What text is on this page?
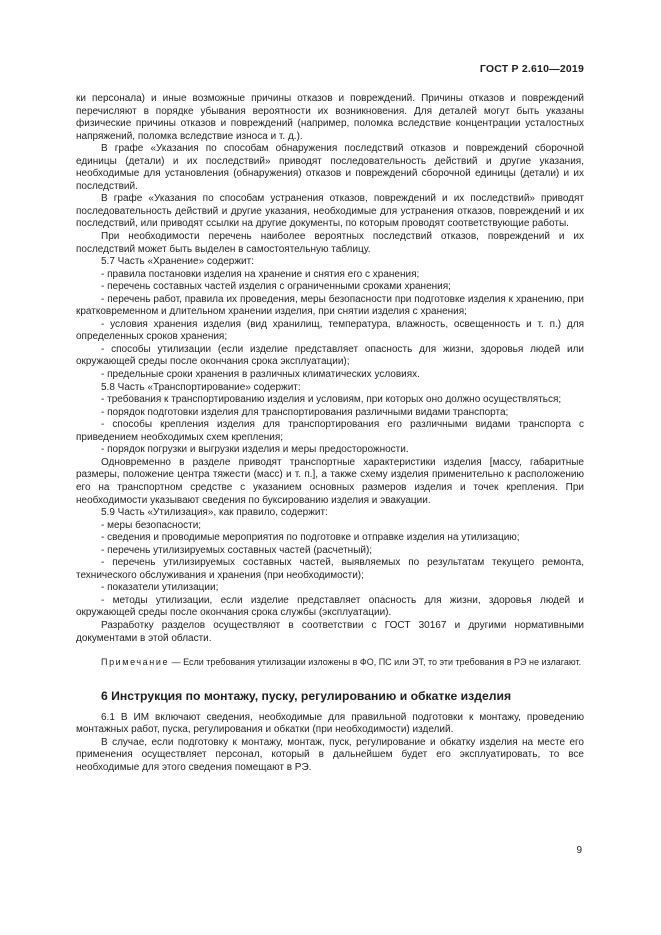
ГОСТ Р 2.610—2019
ки персонала) и иные возможные причины отказов и повреждений. Причины отказов и повреждений перечисляют в порядке убывания вероятности их возникновения. Для деталей могут быть указаны физические причины отказов и повреждений (например, поломка вследствие концентрации усталостных напряжений, поломка вследствие износа и т. д.).
В графе «Указания по способам обнаружения последствий отказов и повреждений сборочной единицы (детали) и их последствий» приводят последовательность действий и другие указания, необходимые для установления (обнаружения) отказов и повреждений сборочной единицы (детали) и их последствий.
В графе «Указания по способам устранения отказов, повреждений и их последствий» приводят последовательность действий и другие указания, необходимые для устранения отказов, повреждений и их последствий, или приводят ссылки на другие документы, по которым проводят соответствующие работы.
При необходимости перечень наиболее вероятных последствий отказов, повреждений и их последствий может быть выделен в самостоятельную таблицу.
5.7 Часть «Хранение» содержит:
- правила постановки изделия на хранение и снятия его с хранения;
- перечень составных частей изделия с ограниченными сроками хранения;
- перечень работ, правила их проведения, меры безопасности при подготовке изделия к хранению, при кратковременном и длительном хранении изделия, при снятии изделия с хранения;
- условия хранения изделия (вид хранилищ, температура, влажность, освещенность и т. п.) для определенных сроков хранения;
- способы утилизации (если изделие представляет опасность для жизни, здоровья людей или окружающей среды после окончания срока эксплуатации);
- предельные сроки хранения в различных климатических условиях.
5.8 Часть «Транспортирование» содержит:
- требования к транспортированию изделия и условиям, при которых оно должно осуществляться;
- порядок подготовки изделия для транспортирования различными видами транспорта;
- способы крепления изделия для транспортирования его различными видами транспорта с приведением необходимых схем крепления;
- порядок погрузки и выгрузки изделия и меры предосторожности.
Одновременно в разделе приводят транспортные характеристики изделия [массу, габаритные размеры, положение центра тяжести (масс) и т. п.], а также схему изделия применительно к расположению его на транспортном средстве с указанием основных размеров изделия и точек крепления. При необходимости указывают сведения по буксированию изделия и эвакуации.
5.9 Часть «Утилизация», как правило, содержит:
- меры безопасности;
- сведения и проводимые мероприятия по подготовке и отправке изделия на утилизацию;
- перечень утилизируемых составных частей (расчетный);
- перечень утилизируемых составных частей, выявляемых по результатам текущего ремонта, технического обслуживания и хранения (при необходимости);
- показатели утилизации;
- методы утилизации, если изделие представляет опасность для жизни, здоровья людей и окружающей среды после окончания срока службы (эксплуатации).
Разработку разделов осуществляют в соответствии с ГОСТ 30167 и другими нормативными документами в этой области.
Примечание — Если требования утилизации изложены в ФО, ПС или ЭТ, то эти требования в РЭ не излагают.
6 Инструкция по монтажу, пуску, регулированию и обкатке изделия
6.1 В ИМ включают сведения, необходимые для правильной подготовки к монтажу, проведению монтажных работ, пуска, регулирования и обкатки (при необходимости) изделий.
В случае, если подготовку к монтажу, монтаж, пуск, регулирование и обкатку изделия на месте его применения осуществляет персонал, который в дальнейшем будет его эксплуатировать, то все необходимые для этого сведения помещают в РЭ.
9
